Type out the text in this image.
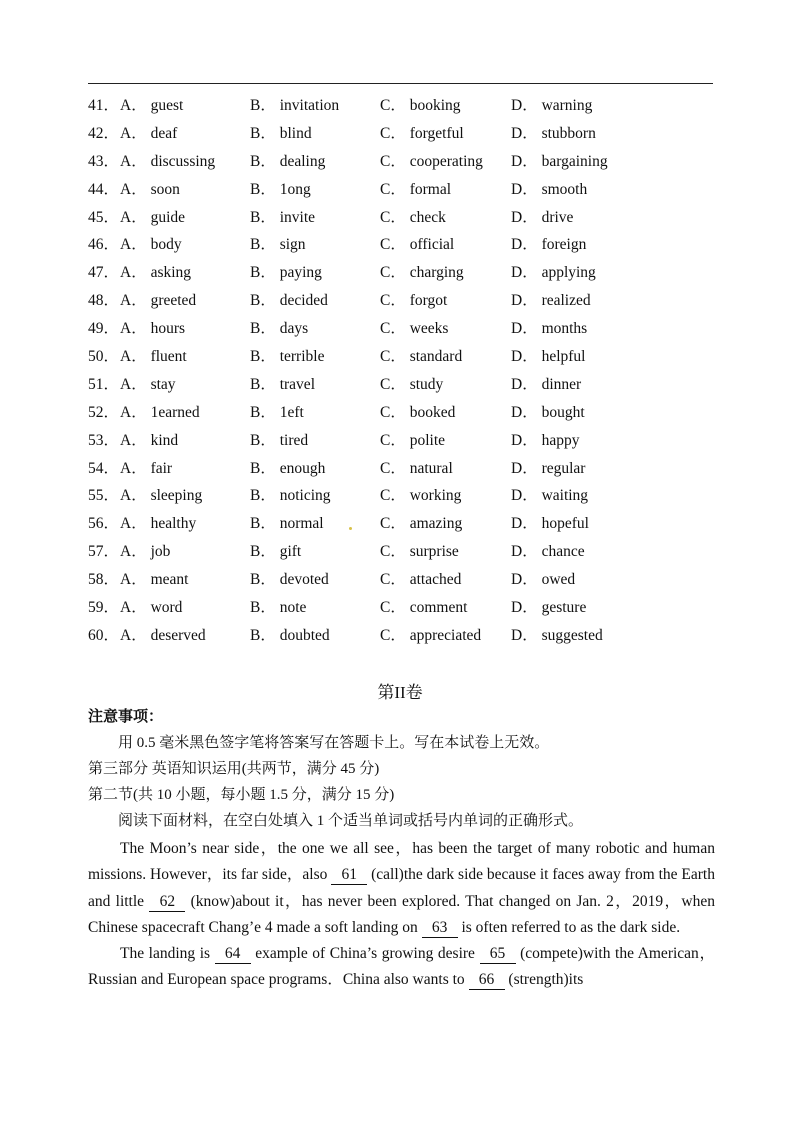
41． A． guest	B． invitation	C． booking	D． warning
42． A． deaf	B． blind	C． forgetful	D． stubborn
43． A． discussing B． dealing	C． cooperating D． bargaining
44． A． soon	B． 1ong	C． formal	D． smooth
45． A． guide	B． invite	C． check	D． drive
46． A． body	B． sign	C． official	D． foreign
47． A． asking	B． paying	C． charging	D． applying
48． A． greeted	B． decided	C． forgot	D． realized
49． A． hours	B． days	C． weeks	D． months
50． A． fluent	B． terrible	C． standard	D． helpful
51． A． stay	B． travel	C． study	D． dinner
52． A． 1earned	B． 1eft	C． booked	D． bought
53． A． kind	B． tired	C． polite	D． happy
54． A． fair	B． enough	C． natural	D． regular
55． A． sleeping	B． noticing	C． working	D． waiting
56． A． healthy	B． normal	C． amazing	D． hopeful
57． A． job	B． gift	C． surprise	D． chance
58． A． meant	B． devoted	C． attached	D． owed
59． A． word	B． note	C． comment	D． gesture
60． A． deserved	B． doubted	C． appreciated D． suggested
第II卷
注意事项：
用 0.5 毫米黑色签字笔将答案写在答题卡上。写在本试卷上无效。
第三部分 英语知识运用(共两节，满分 45 分)
第二节(共 10 小题，每小题 1.5 分，满分 15 分)
阅读下面材料，在空白处填入 1 个适当单词或括号内单词的正确形式。

The Moon’s near side，the one we all see，has been the target of many robotic and human missions. However，its far side，also 61 (call)the dark side because it faces away from the Earth and little 62 (know)about it，has never been explored. That changed on Jan. 2，2019，when Chinese spacecraft Chang’e 4 made a soft landing on 63 is often referred to as the dark side.

The landing is 64 example of China’s growing desire 65 (compete)with the American，Russian and European space programs．China also wants to 66 (strength)its
